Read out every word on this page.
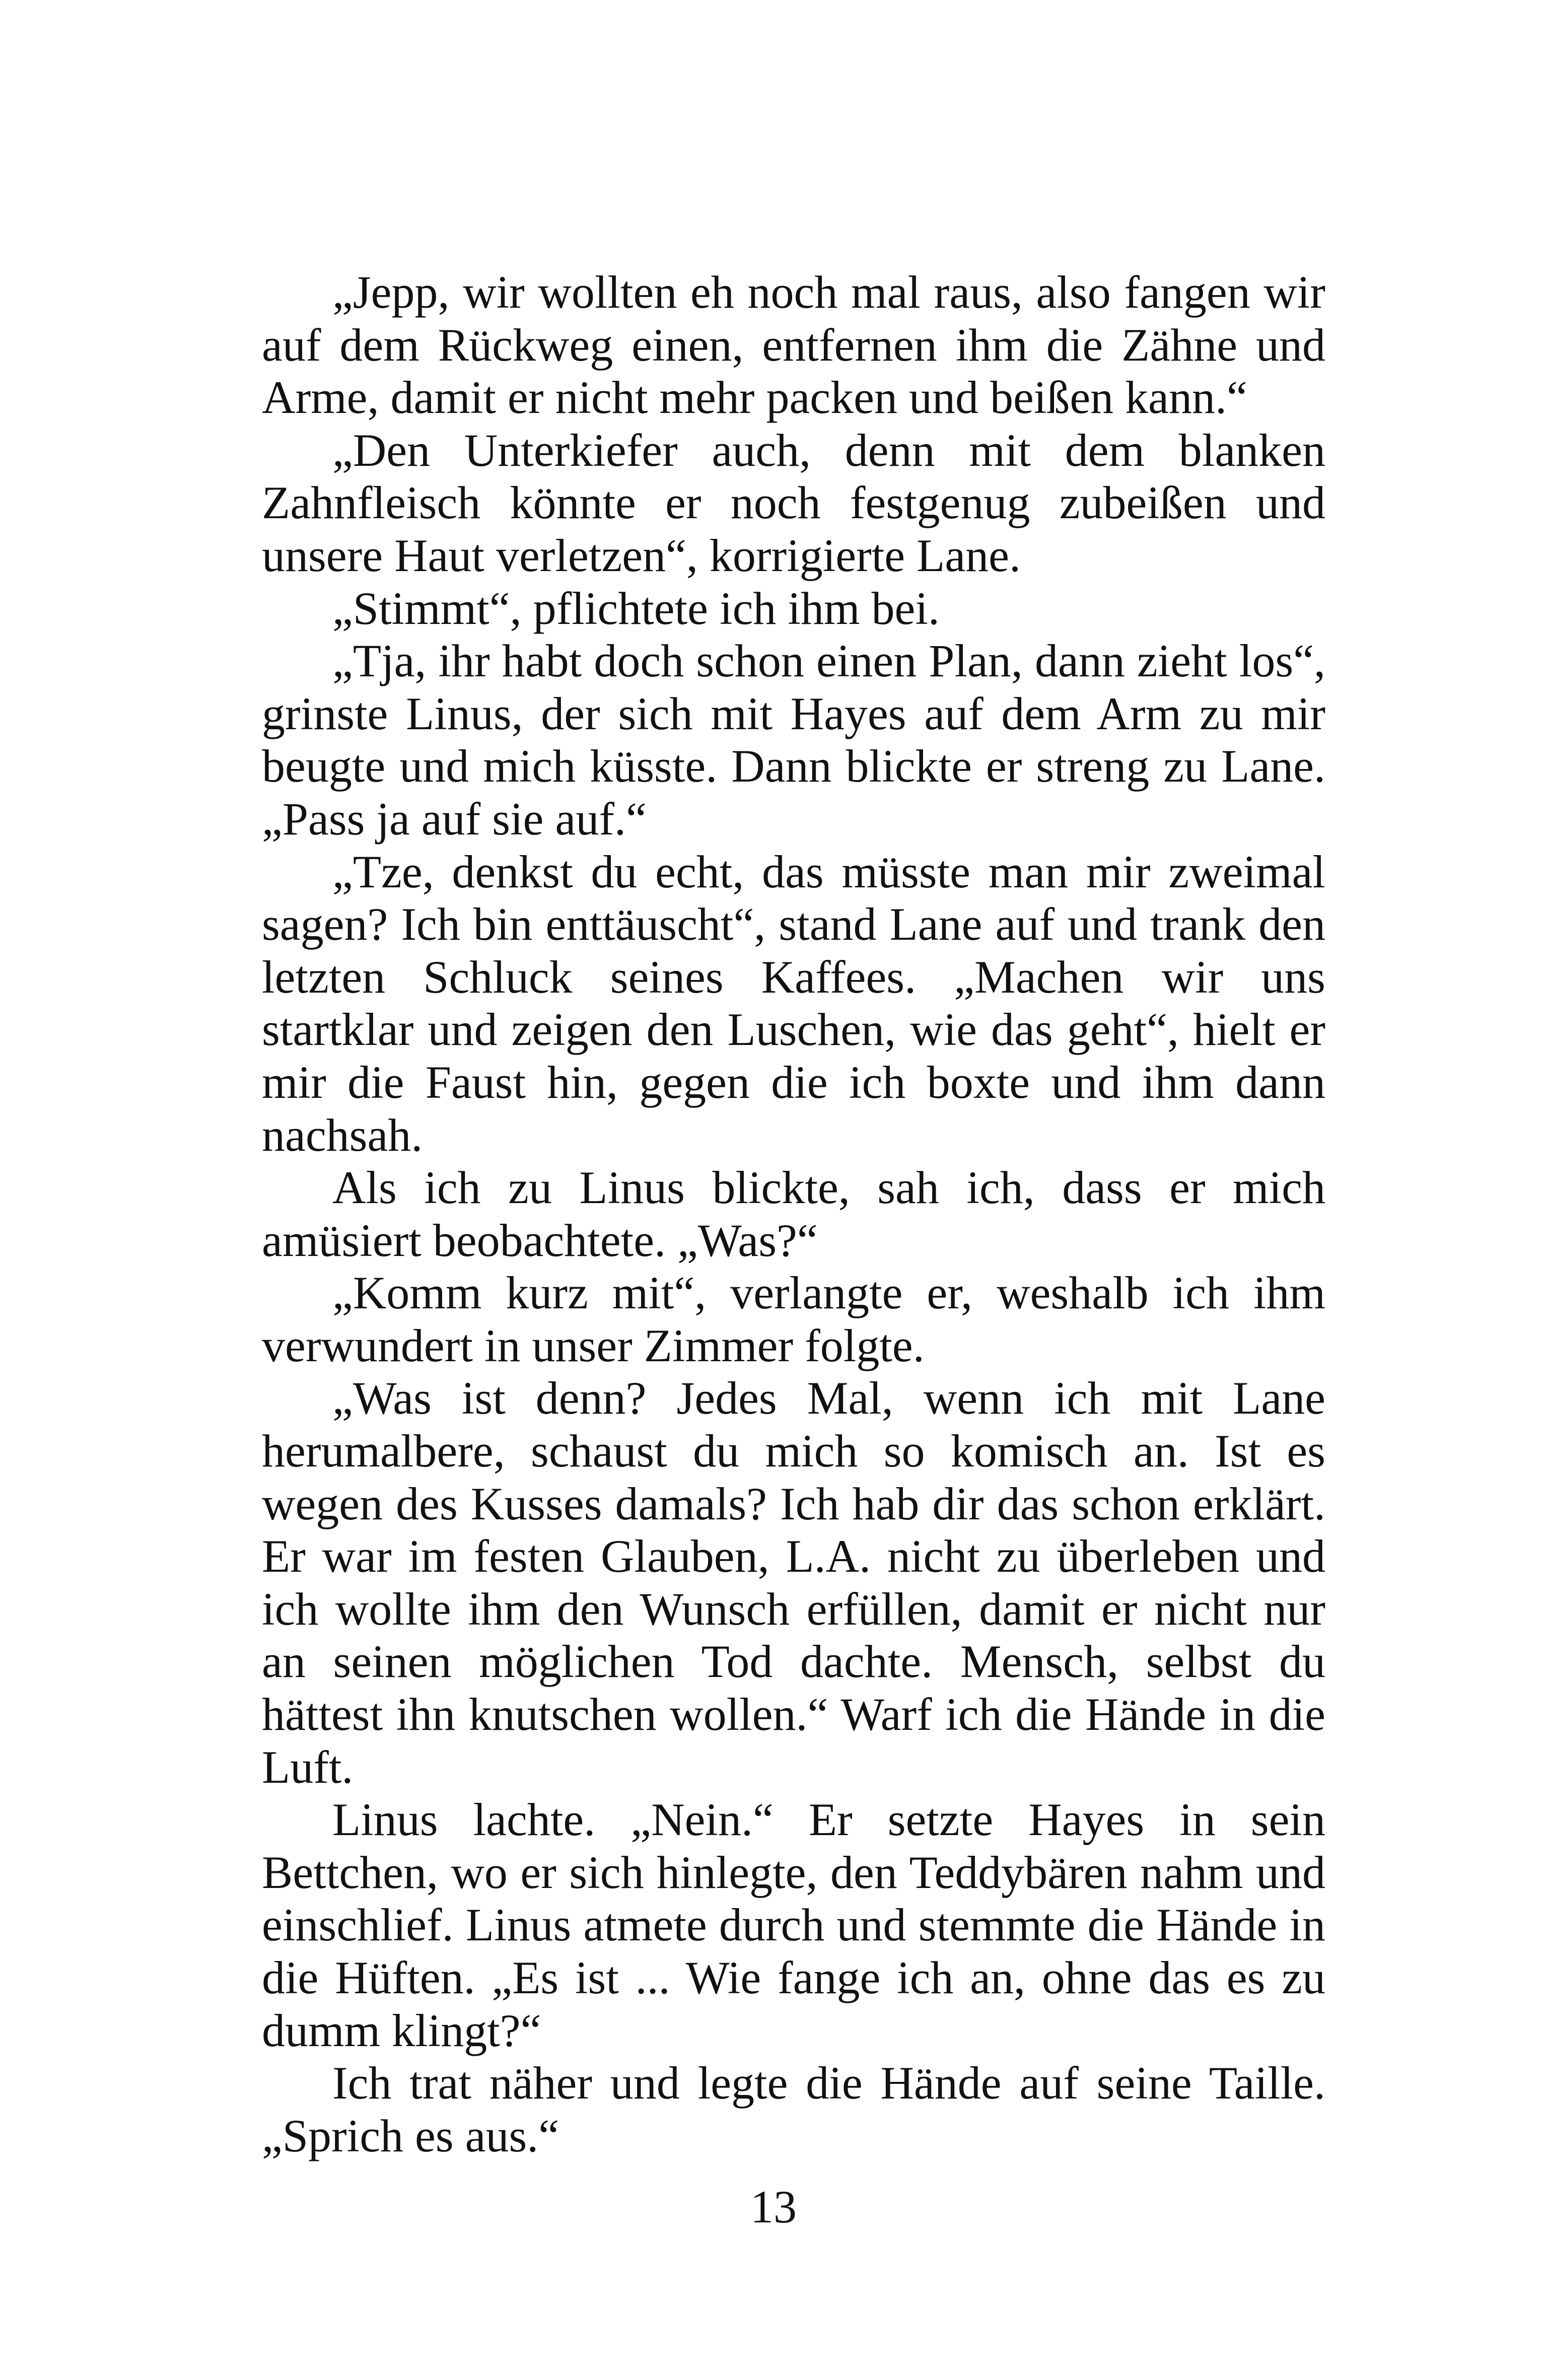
„Jepp, wir wollten eh noch mal raus, also fangen wir auf dem Rückweg einen, entfernen ihm die Zähne und Arme, damit er nicht mehr packen und beißen kann.“

„Den Unterkiefer auch, denn mit dem blanken Zahnfleisch könnte er noch festgenug zubeißen und unsere Haut verletzen“, korrigierte Lane.

„Stimmt“, pflichtete ich ihm bei.

„Tja, ihr habt doch schon einen Plan, dann zieht los“, grinste Linus, der sich mit Hayes auf dem Arm zu mir beugte und mich küsste. Dann blickte er streng zu Lane. „Pass ja auf sie auf.“

„Tze, denkst du echt, das müsste man mir zweimal sagen? Ich bin enttäuscht“, stand Lane auf und trank den letzten Schluck seines Kaffees. „Machen wir uns startklar und zeigen den Luschen, wie das geht“, hielt er mir die Faust hin, gegen die ich boxte und ihm dann nachsah.

Als ich zu Linus blickte, sah ich, dass er mich amüsiert beobachtete. „Was?“

„Komm kurz mit“, verlangte er, weshalb ich ihm verwundert in unser Zimmer folgte.

„Was ist denn? Jedes Mal, wenn ich mit Lane herumalbere, schaust du mich so komisch an. Ist es wegen des Kusses damals? Ich hab dir das schon erklärt. Er war im festen Glauben, L.A. nicht zu überleben und ich wollte ihm den Wunsch erfüllen, damit er nicht nur an seinen möglichen Tod dachte. Mensch, selbst du hättest ihn knutschen wollen.“ Warf ich die Hände in die Luft.

Linus lachte. „Nein.“ Er setzte Hayes in sein Bettchen, wo er sich hinlegte, den Teddybären nahm und einschlief. Linus atmete durch und stemmte die Hände in die Hüften. „Es ist ... Wie fange ich an, ohne das es zu dumm klingt?“

Ich trat näher und legte die Hände auf seine Taille. „Sprich es aus.“

13
